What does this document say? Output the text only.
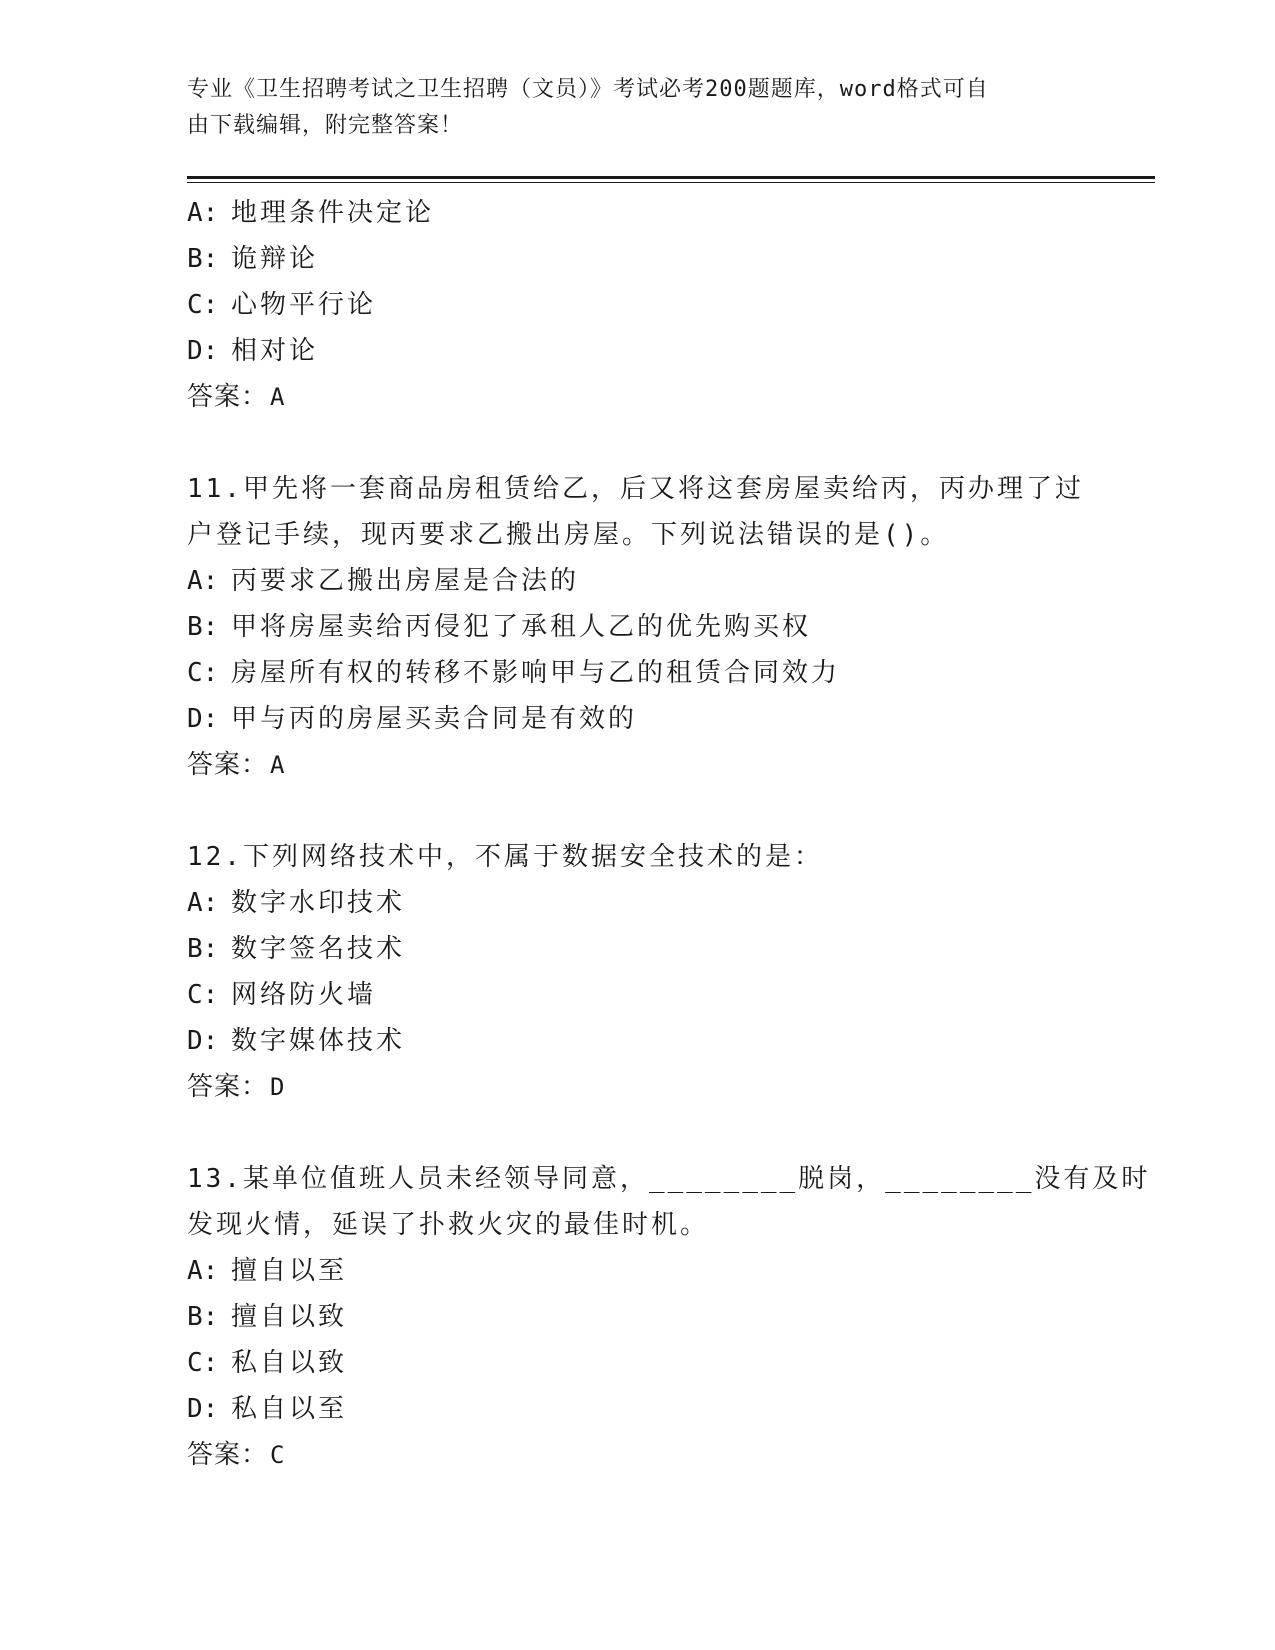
专业《卫生招聘考试之卫生招聘（文员）》考试必考200题题库，word格式可自
由下载编辑，附完整答案！
A: 地理条件决定论
B: 诡辩论
C: 心物平行论
D: 相对论
答案：A
11.甲先将一套商品房租赁给乙，后又将这套房屋卖给丙，丙办理了过
户登记手续，现丙要求乙搬出房屋。下列说法错误的是()。
A: 丙要求乙搬出房屋是合法的
B: 甲将房屋卖给丙侵犯了承租人乙的优先购买权
C: 房屋所有权的转移不影响甲与乙的租赁合同效力
D: 甲与丙的房屋买卖合同是有效的
答案：A
12.下列网络技术中，不属于数据安全技术的是：
A: 数字水印技术
B: 数字签名技术
C: 网络防火墙
D: 数字媒体技术
答案：D
13.某单位值班人员未经领导同意，________脱岗，________没有及时
发现火情，延误了扑救火灾的最佳时机。
A: 擅自以至
B: 擅自以致
C: 私自以致
D: 私自以至
答案：C
